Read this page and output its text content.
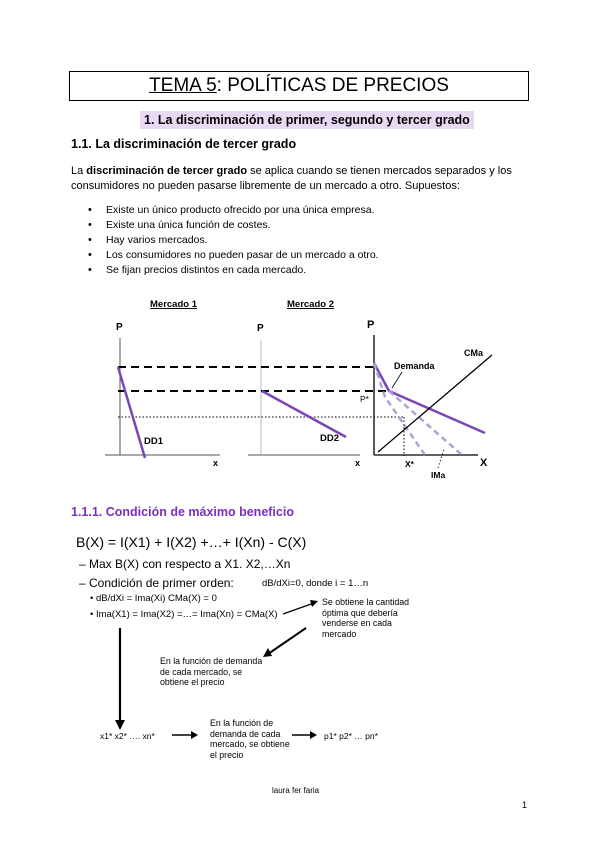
TEMA 5 : POLÍTICAS DE PRECIOS
1. La discriminación de primer, segundo y tercer grado
1.1. La discriminación de tercer grado
La discriminación de tercer grado se aplica cuando se tienen mercados separados y los consumidores no pueden pasarse libremente de un mercado a otro. Supuestos:
• Existe un único producto ofrecido por una única empresa.
• Existe una única función de costes.
• Hay varios mercados.
• Los consumidores no pueden pasar de un mercado a otro.
• Se fijan precios distintos en cada mercado.
Mercado 1	Mercado 2
P	P	P
DD1	DD2
x	x	X
CMa
Demanda
P*
X*
IMa
1.1.1. Condición de máximo beneficio
B(X) = I(X1) + I(X2) +…+ I(Xn) - C(X)
– Max B(X) con respecto a X1. X2,…Xn
– Condición de primer orden:	dB/dXi=0, donde i = 1…n
• dB/dXi = Ima(Xi) CMa(X) = 0
• Ima(X1) = Ima(X2) =…= Ima(Xn) = CMa(X)
Se obtiene la cantidad óptima que debería venderse en cada mercado
En la función de demanda de cada mercado, se obtiene el precio
x1* x2* …. xn*
En la función de demanda de cada mercado, se obtiene el precio
p1* p2* … pn*
laura fer faria
1
